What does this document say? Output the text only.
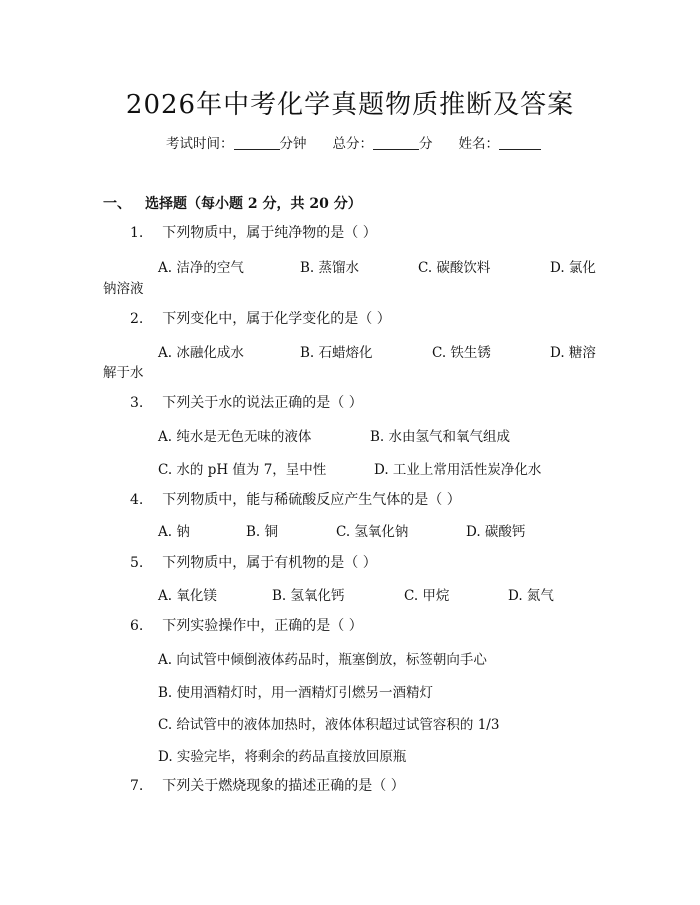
2026年中考化学真题物质推断及答案
考试时间：	分钟 总分：	分 姓名：
一、 选择题（每小题 2 分，共 20 分）
1. 下列物质中，属于纯净物的是（ ）
A. 洁净的空气	B. 蒸馏水	C. 碳酸饮料	D. 氯化
钠溶液
2. 下列变化中，属于化学变化的是（ ）
A. 冰融化成水	B. 石蜡熔化	C. 铁生锈	D. 糖溶
解于水
3. 下列关于水的说法正确的是（ ）
A. 纯水是无色无味的液体	B. 水由氢气和氧气组成
C. 水的 pH 值为 7，呈中性	D. 工业上常用活性炭净化水
4. 下列物质中，能与稀硫酸反应产生气体的是（ ）
A. 钠	B. 铜	C. 氢氧化钠	D. 碳酸钙
5. 下列物质中，属于有机物的是（ ）
A. 氧化镁	B. 氢氧化钙	C. 甲烷	D. 氮气
6. 下列实验操作中，正确的是（ ）
A. 向试管中倾倒液体药品时，瓶塞倒放，标签朝向手心
B. 使用酒精灯时，用一酒精灯引燃另一酒精灯
C. 给试管中的液体加热时，液体体积超过试管容积的 1/3
D. 实验完毕，将剩余的药品直接放回原瓶
7. 下列关于燃烧现象的描述正确的是（ ）
